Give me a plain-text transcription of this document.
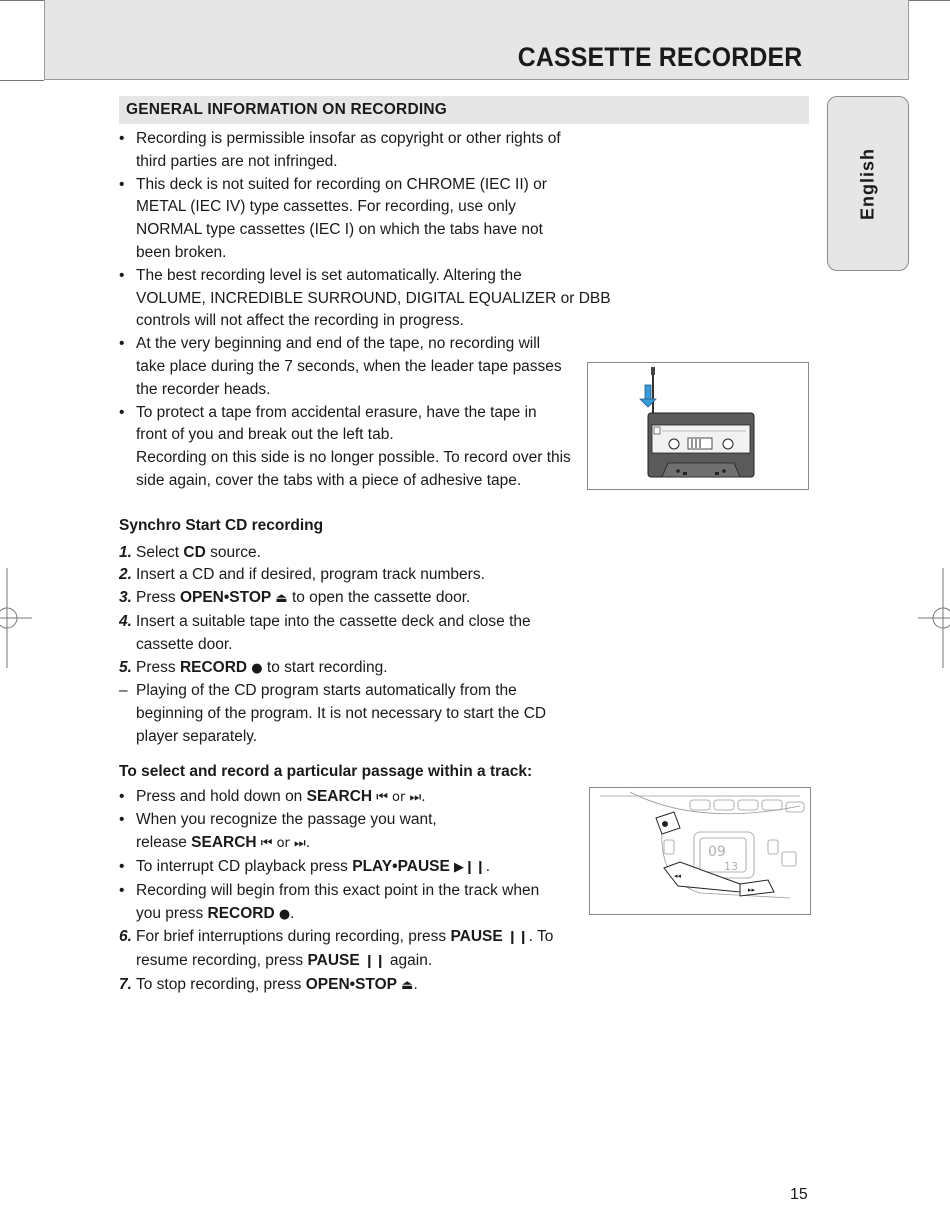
CASSETTE RECORDER
English
GENERAL INFORMATION ON RECORDING
• Recording is permissible insofar as copyright or other rights of
third parties are not infringed.
• This deck is not suited for recording on CHROME (IEC II) or
METAL (IEC IV) type cassettes. For recording, use only
NORMAL type cassettes (IEC I) on which the tabs have not
been broken.
• The best recording level is set automatically. Altering the
VOLUME, INCREDIBLE SURROUND, DIGITAL EQUALIZER or DBB
controls will not affect the recording in progress.
• At the very beginning and end of the tape, no recording will
take place during the 7 seconds, when the leader tape passes
the recorder heads.
• To protect a tape from accidental erasure, have the tape in
front of you and break out the left tab.
Recording on this side is no longer possible. To record over this
side again, cover the tabs with a piece of adhesive tape.
Synchro Start CD recording
1. Select CD source.
2. Insert a CD and if desired, program track numbers.
3. Press OPEN•STOP ⏏ to open the cassette door.
4. Insert a suitable tape into the cassette deck and close the
cassette door.
5. Press RECORD ● to start recording.
– Playing of the CD program starts automatically from the
beginning of the program. It is not necessary to start the CD
player separately.
To select and record a particular passage within a track:
• Press and hold down on SEARCH ⏮ or ⏭.
• When you recognize the passage you want,
release SEARCH ⏮ or ⏭.
• To interrupt CD playback press PLAY•PAUSE ▶❙❙.
• Recording will begin from this exact point in the track when
you press RECORD ●.
6. For brief interruptions during recording, press PAUSE ❙❙. To
resume recording, press PAUSE ❙❙ again.
7. To stop recording, press OPEN•STOP ⏏.
09
13
◂◂
▸▸
15
